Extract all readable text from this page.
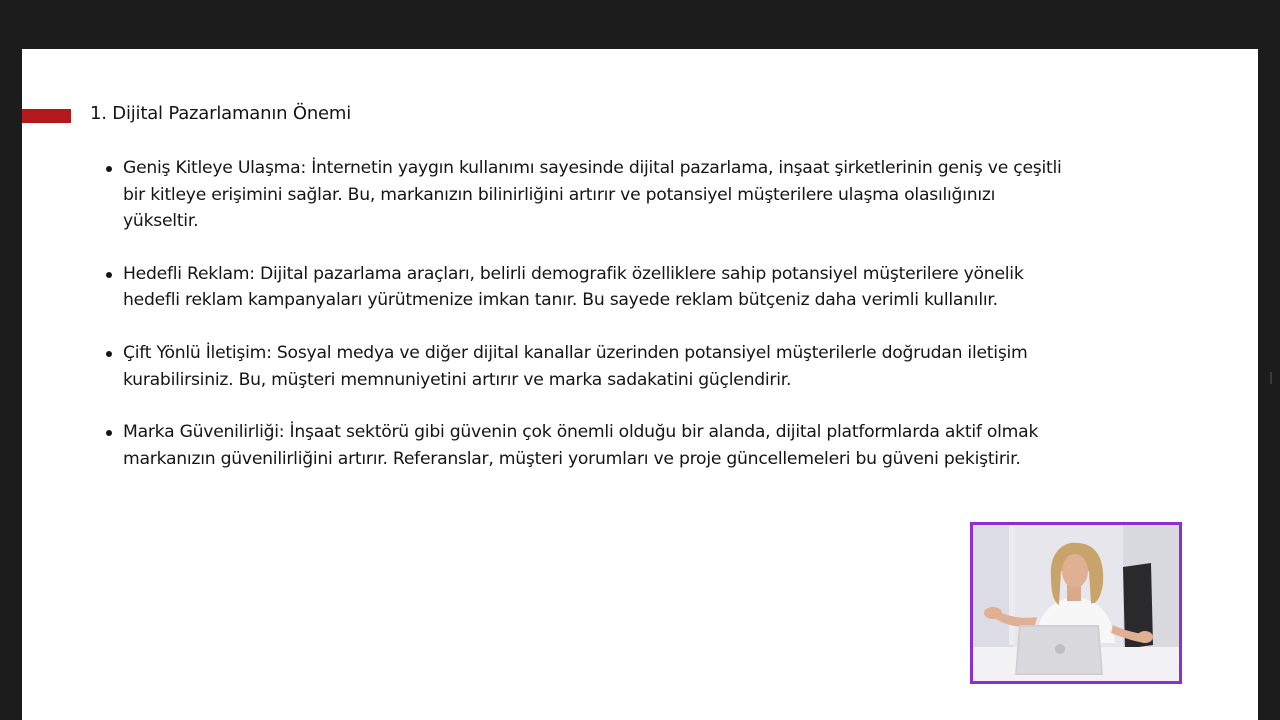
1. Dijital Pazarlamanın Önemi
Geniş Kitleye Ulaşma: İnternetin yaygın kullanımı sayesinde dijital pazarlama, inşaat şirketlerinin geniş ve çeşitli bir kitleye erişimini sağlar. Bu, markanızın bilinirliğini artırır ve potansiyel müşterilere ulaşma olasılığınızı yükseltir.
Hedefli Reklam: Dijital pazarlama araçları, belirli demografik özelliklere sahip potansiyel müşterilere yönelik hedefli reklam kampanyaları yürütmenize imkan tanır. Bu sayede reklam bütçeniz daha verimli kullanılır.
Çift Yönlü İletişim: Sosyal medya ve diğer dijital kanallar üzerinden potansiyel müşterilerle doğrudan iletişim kurabilirsiniz. Bu, müşteri memnuniyetini artırır ve marka sadakatini güçlendirir.
Marka Güvenilirliği: İnşaat sektörü gibi güvenin çok önemli olduğu bir alanda, dijital platformlarda aktif olmak markanızın güvenilirliğini artırır. Referanslar, müşteri yorumları ve proje güncellemeleri bu güveni pekiştirir.
